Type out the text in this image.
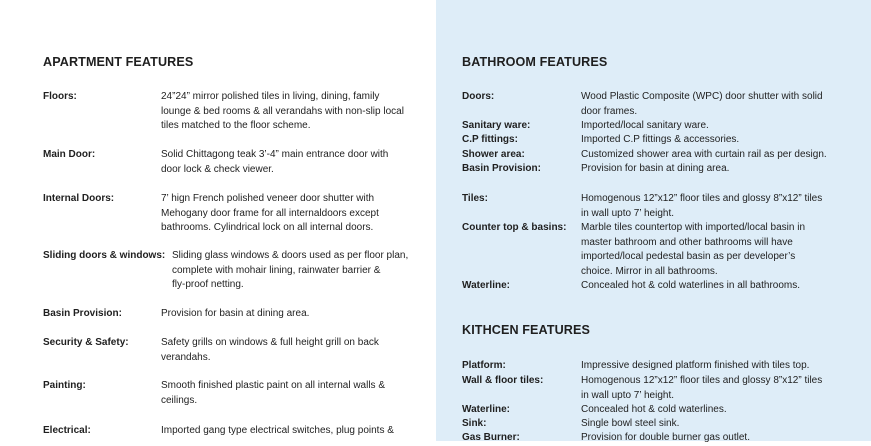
APARTMENT FEATURES
Floors:	24”24” mirror polished tiles in living, dining, family
lounge & bed rooms & all verandahs with non-slip local
tiles matched to the floor scheme.
Main Door:	Solid Chittagong teak 3’-4” main entrance door with
door lock & check viewer.
Internal Doors:	7’ hign French polished veneer door shutter with
Mehogany door frame for all internaldoors except
bathrooms. Cylindrical lock on all internal doors.
Sliding doors & windows: Sliding glass windows & doors used as per floor plan,
complete with mohair lining, rainwater barrier &
fly-proof netting.
Basin Provision:	Provision for basin at dining area.
Security & Safety:	Safety grills on windows & full height grill on back
verandahs.
Painting:	Smooth finished plastic paint on all internal walls &
ceilings.
Electrical:	Imported gang type electrical switches, plug points &
BATHROOM FEATURES
Doors:	Wood Plastic Composite (WPC) door shutter with solid
door frames.
Sanitary ware:	Imported/local sanitary ware.
C.P fittings:	Imported C.P fittings & accessories.
Shower area:	Customized shower area with curtain rail as per design.
Basin Provision:	Provision for basin at dining area.
Tiles:	Homogenous 12”x12” floor tiles and glossy 8”x12” tiles
in wall upto 7’ height.
Counter top & basins: Marble tiles countertop with imported/local basin in
master bathroom and other bathrooms will have
imported/local pedestal basin as per developer’s
choice. Mirror in all bathrooms.
Waterline:	Concealed hot & cold waterlines in all bathrooms.
KITHCEN FEATURES
Platform:	Impressive designed platform finished with tiles top.
Wall & floor tiles:	Homogenous 12”x12” floor tiles and glossy 8”x12” tiles
in wall upto 7’ height.
Waterline:	Concealed hot & cold waterlines.
Sink:	Single bowl steel sink.
Gas Burner:	Provision for double burner gas outlet.
